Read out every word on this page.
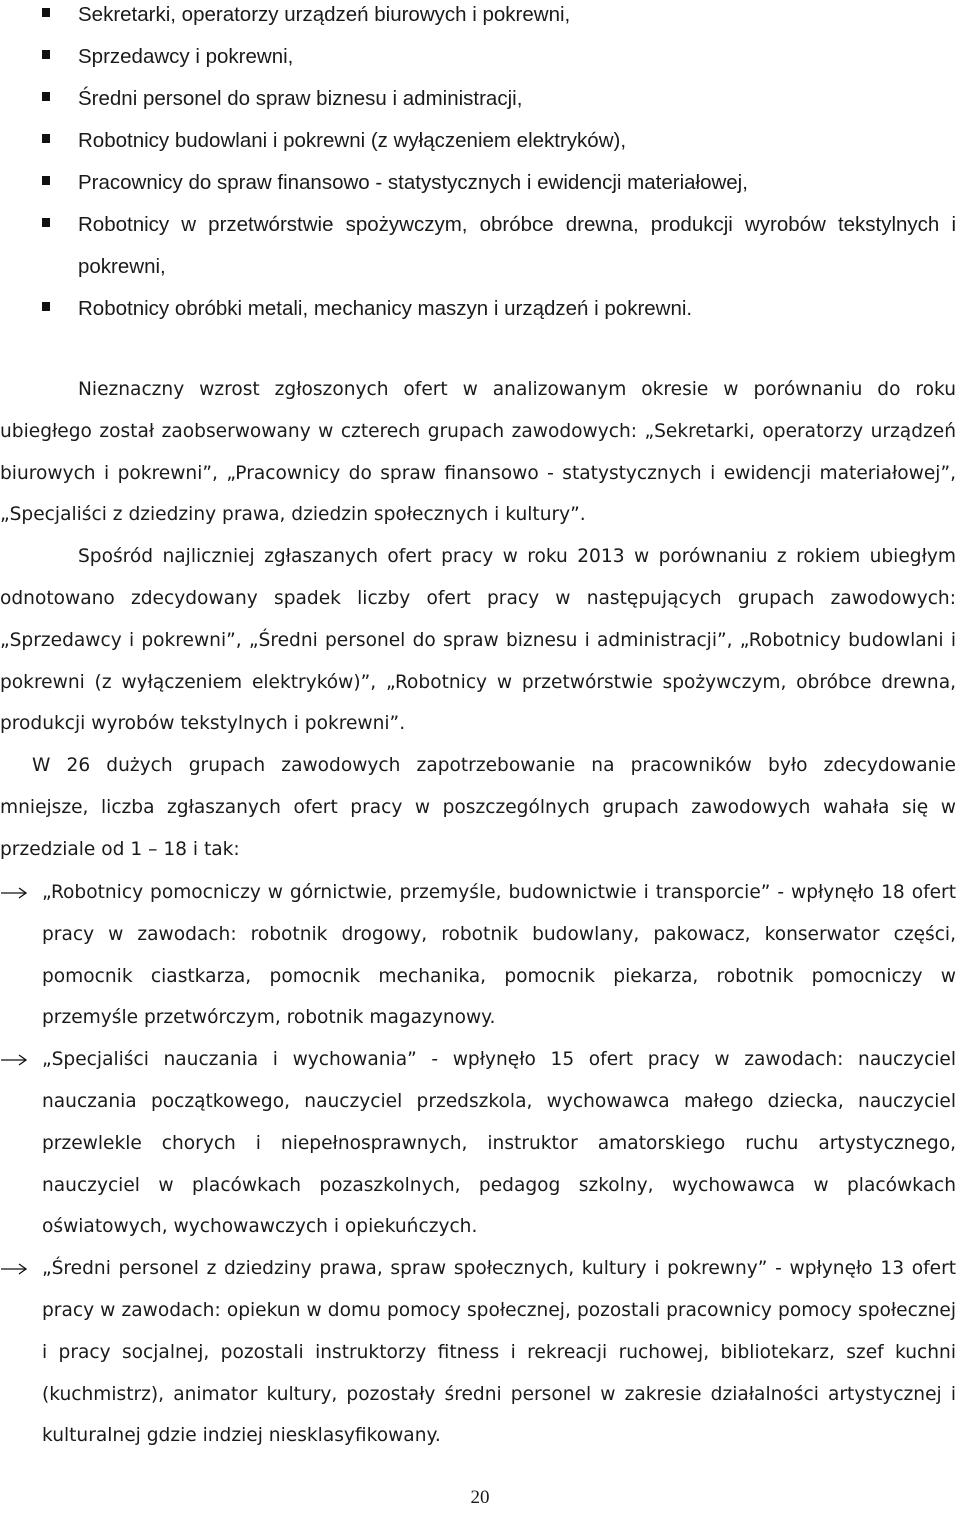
Sekretarki, operatorzy urządzeń biurowych i pokrewni,
Sprzedawcy i pokrewni,
Średni personel do spraw biznesu i administracji,
Robotnicy budowlani i pokrewni (z wyłączeniem elektryków),
Pracownicy do spraw finansowo - statystycznych i ewidencji materiałowej,
Robotnicy w przetwórstwie spożywczym, obróbce drewna, produkcji wyrobów tekstylnych i pokrewni,
Robotnicy obróbki metali, mechanicy maszyn i urządzeń i pokrewni.

Nieznaczny wzrost zgłoszonych ofert w analizowanym okresie w porównaniu do roku ubiegłego został zaobserwowany w czterech grupach zawodowych: „Sekretarki, operatorzy urządzeń biurowych i pokrewni”, „Pracownicy do spraw finansowo - statystycznych i ewidencji materiałowej”, „Specjaliści z dziedziny prawa, dziedzin społecznych i kultury”.

Spośród najliczniej zgłaszanych ofert pracy w roku 2013 w porównaniu z rokiem ubiegłym odnotowano zdecydowany spadek liczby ofert pracy w następujących grupach zawodowych: „Sprzedawcy i pokrewni”, „Średni personel do spraw biznesu i administracji”, „Robotnicy budowlani i pokrewni (z wyłączeniem elektryków)”, „Robotnicy w przetwórstwie spożywczym, obróbce drewna, produkcji wyrobów tekstylnych i pokrewni”.

W 26 dużych grupach zawodowych zapotrzebowanie na pracowników było zdecydowanie mniejsze, liczba zgłaszanych ofert pracy w poszczególnych grupach zawodowych wahała się w przedziale od 1 – 18 i tak:

„Robotnicy pomocniczy w górnictwie, przemyśle, budownictwie i transporcie” - wpłynęło 18 ofert pracy w zawodach: robotnik drogowy, robotnik budowlany, pakowacz, konserwator części, pomocnik ciastkarza, pomocnik mechanika, pomocnik piekarza, robotnik pomocniczy w przemyśle przetwórczym, robotnik magazynowy.
„Specjaliści nauczania i wychowania” - wpłynęło 15 ofert pracy w zawodach: nauczyciel nauczania początkowego, nauczyciel przedszkola, wychowawca małego dziecka, nauczyciel przewlekle chorych i niepełnosprawnych, instruktor amatorskiego ruchu artystycznego, nauczyciel w placówkach pozaszkolnych, pedagog szkolny, wychowawca w placówkach oświatowych, wychowawczych i opiekuńczych.
„Średni personel z dziedziny prawa, spraw społecznych, kultury i pokrewny” - wpłynęło 13 ofert pracy w zawodach: opiekun w domu pomocy społecznej, pozostali pracownicy pomocy społecznej i pracy socjalnej, pozostali instruktorzy fitness i rekreacji ruchowej, bibliotekarz, szef kuchni (kuchmistrz), animator kultury, pozostały średni personel w zakresie działalności artystycznej i kulturalnej gdzie indziej niesklasyfikowany.
20
